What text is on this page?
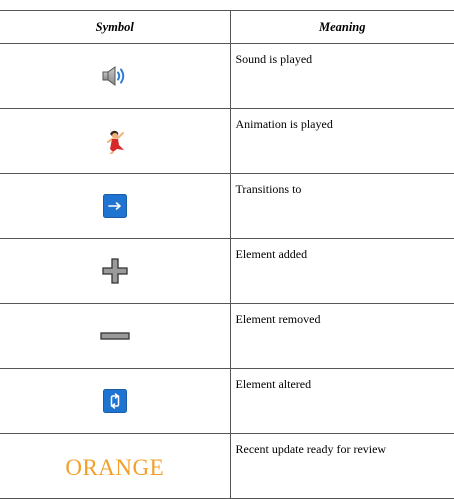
Symbol	Meaning
	Sound is played
	Animation is played
	Transitions to
	Element added
	Element removed
	Element altered
ORANGE	Recent update ready for review
